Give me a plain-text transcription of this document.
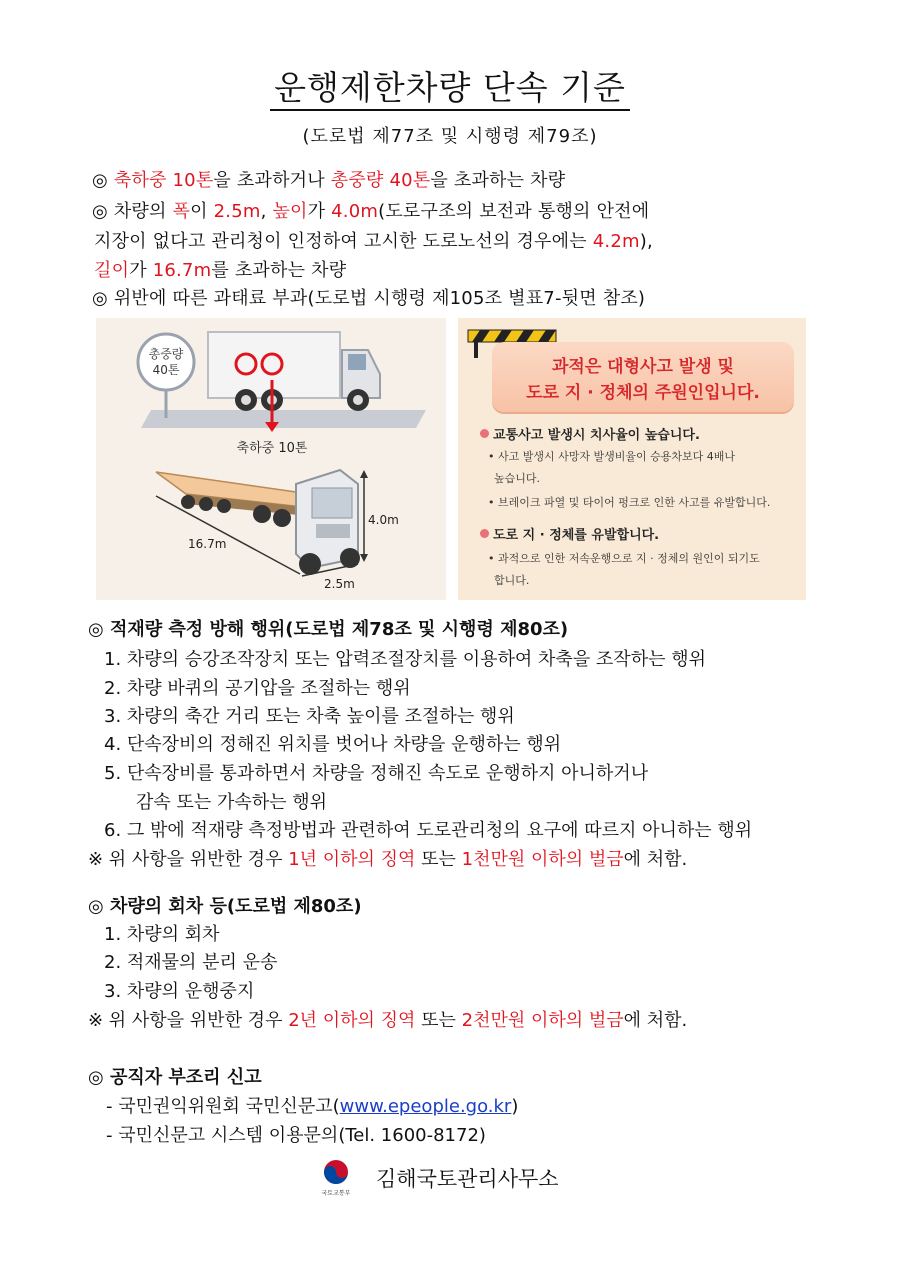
운행제한차량 단속 기준
(도로법 제77조 및 시행령 제79조)
◎ 축하중 10톤을 초과하거나 총중량 40톤을 초과하는 차량
◎ 차량의 폭이 2.5m, 높이가 4.0m(도로구조의 보전과 통행의 안전에
지장이 없다고 관리청이 인정하여 고시한 도로노선의 경우에는 4.2m),
길이가 16.7m를 초과하는 차량
◎ 위반에 따른 과태료 부과(도로법 시행령 제105조 별표7-뒷면 참조)
총중량
40톤
축하중 10톤
4.0m
16.7m
2.5m
과적은 대형사고 발생 및
도로 지 · 정체의 주원인입니다.
교통사고 발생시 치사율이 높습니다.
• 사고 발생시 사망자 발생비율이 승용차보다 4배나
높습니다.
• 브레이크 파열 및 타이어 펑크로 인한 사고를 유발합니다.
도로 지 · 정체를 유발합니다.
• 과적으로 인한 저속운행으로 지 · 정체의 원인이 되기도
합니다.
◎ 적재량 측정 방해 행위(도로법 제78조 및 시행령 제80조)
1. 차량의 승강조작장치 또는 압력조절장치를 이용하여 차축을 조작하는 행위
2. 차량 바퀴의 공기압을 조절하는 행위
3. 차량의 축간 거리 또는 차축 높이를 조절하는 행위
4. 단속장비의 정해진 위치를 벗어나 차량을 운행하는 행위
5. 단속장비를 통과하면서 차량을 정해진 속도로 운행하지 아니하거나
감속 또는 가속하는 행위
6. 그 밖에 적재량 측정방법과 관련하여 도로관리청의 요구에 따르지 아니하는 행위
※ 위 사항을 위반한 경우 1년 이하의 징역 또는 1천만원 이하의 벌금에 처함.
◎ 차량의 회차 등(도로법 제80조)
1. 차량의 회차
2. 적재물의 분리 운송
3. 차량의 운행중지
※ 위 사항을 위반한 경우 2년 이하의 징역 또는 2천만원 이하의 벌금에 처함.
◎ 공직자 부조리 신고
- 국민권익위원회 국민신문고(www.epeople.go.kr)
- 국민신문고 시스템 이용문의(Tel. 1600-8172)
국토교통부
김해국토관리사무소
